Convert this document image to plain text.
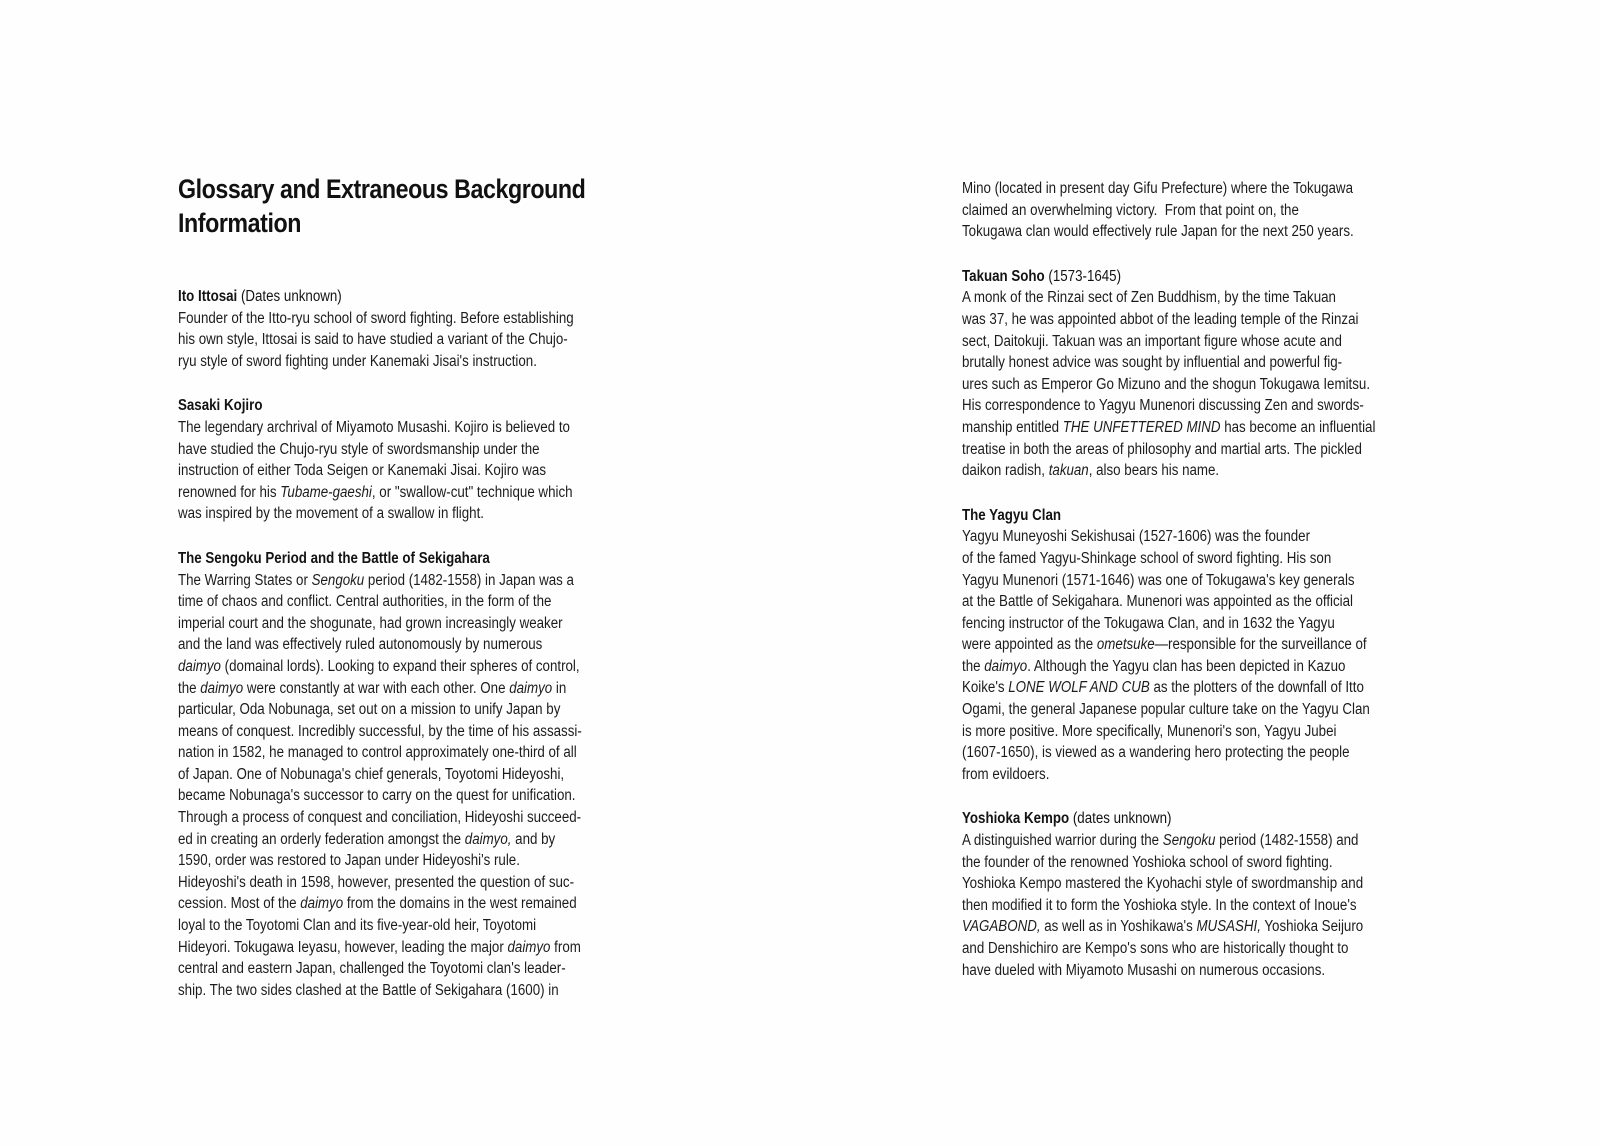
Glossary and Extraneous Background
Information
Ito Ittosai (Dates unknown)
Founder of the Itto-ryu school of sword fighting. Before establishing
his own style, Ittosai is said to have studied a variant of the Chujo-
ryu style of sword fighting under Kanemaki Jisai's instruction.
Sasaki Kojiro
The legendary archrival of Miyamoto Musashi. Kojiro is believed to
have studied the Chujo-ryu style of swordsmanship under the
instruction of either Toda Seigen or Kanemaki Jisai. Kojiro was
renowned for his Tubame-gaeshi, or "swallow-cut" technique which
was inspired by the movement of a swallow in flight.
The Sengoku Period and the Battle of Sekigahara
The Warring States or Sengoku period (1482-1558) in Japan was a
time of chaos and conflict. Central authorities, in the form of the
imperial court and the shogunate, had grown increasingly weaker
and the land was effectively ruled autonomously by numerous
daimyo (domainal lords). Looking to expand their spheres of control,
the daimyo were constantly at war with each other. One daimyo in
particular, Oda Nobunaga, set out on a mission to unify Japan by
means of conquest. Incredibly successful, by the time of his assassi-
nation in 1582, he managed to control approximately one-third of all
of Japan. One of Nobunaga's chief generals, Toyotomi Hideyoshi,
became Nobunaga's successor to carry on the quest for unification.
Through a process of conquest and conciliation, Hideyoshi succeed-
ed in creating an orderly federation amongst the daimyo, and by
1590, order was restored to Japan under Hideyoshi's rule.
Hideyoshi's death in 1598, however, presented the question of suc-
cession. Most of the daimyo from the domains in the west remained
loyal to the Toyotomi Clan and its five-year-old heir, Toyotomi
Hideyori. Tokugawa Ieyasu, however, leading the major daimyo from
central and eastern Japan, challenged the Toyotomi clan's leader-
ship. The two sides clashed at the Battle of Sekigahara (1600) in
Mino (located in present day Gifu Prefecture) where the Tokugawa
claimed an overwhelming victory.  From that point on, the
Tokugawa clan would effectively rule Japan for the next 250 years.
Takuan Soho (1573-1645)
A monk of the Rinzai sect of Zen Buddhism, by the time Takuan
was 37, he was appointed abbot of the leading temple of the Rinzai
sect, Daitokuji. Takuan was an important figure whose acute and
brutally honest advice was sought by influential and powerful fig-
ures such as Emperor Go Mizuno and the shogun Tokugawa Iemitsu.
His correspondence to Yagyu Munenori discussing Zen and swords-
manship entitled THE UNFETTERED MIND has become an influential
treatise in both the areas of philosophy and martial arts. The pickled
daikon radish, takuan, also bears his name.
The Yagyu Clan
Yagyu Muneyoshi Sekishusai (1527-1606) was the founder
of the famed Yagyu-Shinkage school of sword fighting. His son
Yagyu Munenori (1571-1646) was one of Tokugawa's key generals
at the Battle of Sekigahara. Munenori was appointed as the official
fencing instructor of the Tokugawa Clan, and in 1632 the Yagyu
were appointed as the ometsuke—responsible for the surveillance of
the daimyo. Although the Yagyu clan has been depicted in Kazuo
Koike's LONE WOLF AND CUB as the plotters of the downfall of Itto
Ogami, the general Japanese popular culture take on the Yagyu Clan
is more positive. More specifically, Munenori's son, Yagyu Jubei
(1607-1650), is viewed as a wandering hero protecting the people
from evildoers.
Yoshioka Kempo (dates unknown)
A distinguished warrior during the Sengoku period (1482-1558) and
the founder of the renowned Yoshioka school of sword fighting.
Yoshioka Kempo mastered the Kyohachi style of swordmanship and
then modified it to form the Yoshioka style. In the context of Inoue's
VAGABOND, as well as in Yoshikawa's MUSASHI, Yoshioka Seijuro
and Denshichiro are Kempo's sons who are historically thought to
have dueled with Miyamoto Musashi on numerous occasions.
